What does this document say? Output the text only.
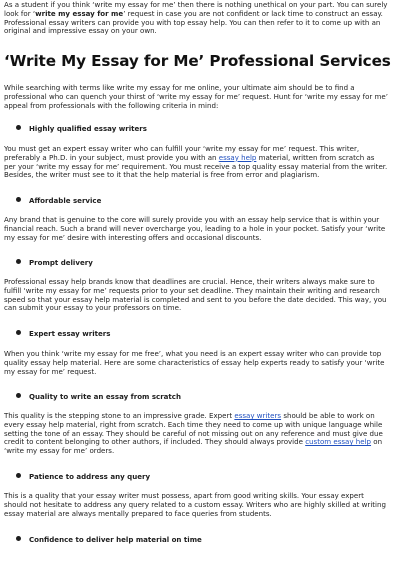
As a student if you think ‘write my essay for me’ then there is nothing unethical on your part. You can surely

look for ‘write my essay for me’ request in case you are not confident or lack time to construct an essay.

Professional essay writers can provide you with top essay help. You can then refer to it to come up with an

original and impressive essay on your own.

‘Write My Essay for Me’ Professional Services

While searching with terms like write my essay for me online, your ultimate aim should be to find a

professional who can quench your thirst of ‘write my essay for me’ request. Hunt for ‘write my essay for me’

appeal from professionals with the following criteria in mind:

Highly qualified essay writers

You must get an expert essay writer who can fulfill your ‘write my essay for me’ request. This writer,

preferably a Ph.D. in your subject, must provide you with an essay help material, written from scratch as

per your ‘write my essay for me’ requirement. You must receive a top quality essay material from the writer.

Besides, the writer must see to it that the help material is free from error and plagiarism.

Affordable service

Any brand that is genuine to the core will surely provide you with an essay help service that is within your

financial reach. Such a brand will never overcharge you, leading to a hole in your pocket. Satisfy your ‘write

my essay for me’ desire with interesting offers and occasional discounts.

Prompt delivery

Professional essay help brands know that deadlines are crucial. Hence, their writers always make sure to

fulfill ‘write my essay for me’ requests prior to your set deadline. They maintain their writing and research

speed so that your essay help material is completed and sent to you before the date decided. This way, you

can submit your essay to your professors on time.

Expert essay writers

When you think ‘write my essay for me free’, what you need is an expert essay writer who can provide top

quality essay help material. Here are some characteristics of essay help experts ready to satisfy your ‘write

my essay for me’ request.

Quality to write an essay from scratch

This quality is the stepping stone to an impressive grade. Expert essay writers should be able to work on

every essay help material, right from scratch. Each time they need to come up with unique language while

setting the tone of an essay. They should be careful of not missing out on any reference and must give due

credit to content belonging to other authors, if included. They should always provide custom essay help on

‘write my essay for me’ orders.

Patience to address any query

This is a quality that your essay writer must possess, apart from good writing skills. Your essay expert

should not hesitate to address any query related to a custom essay. Writers who are highly skilled at writing

essay material are always mentally prepared to face queries from students.

Confidence to deliver help material on time
